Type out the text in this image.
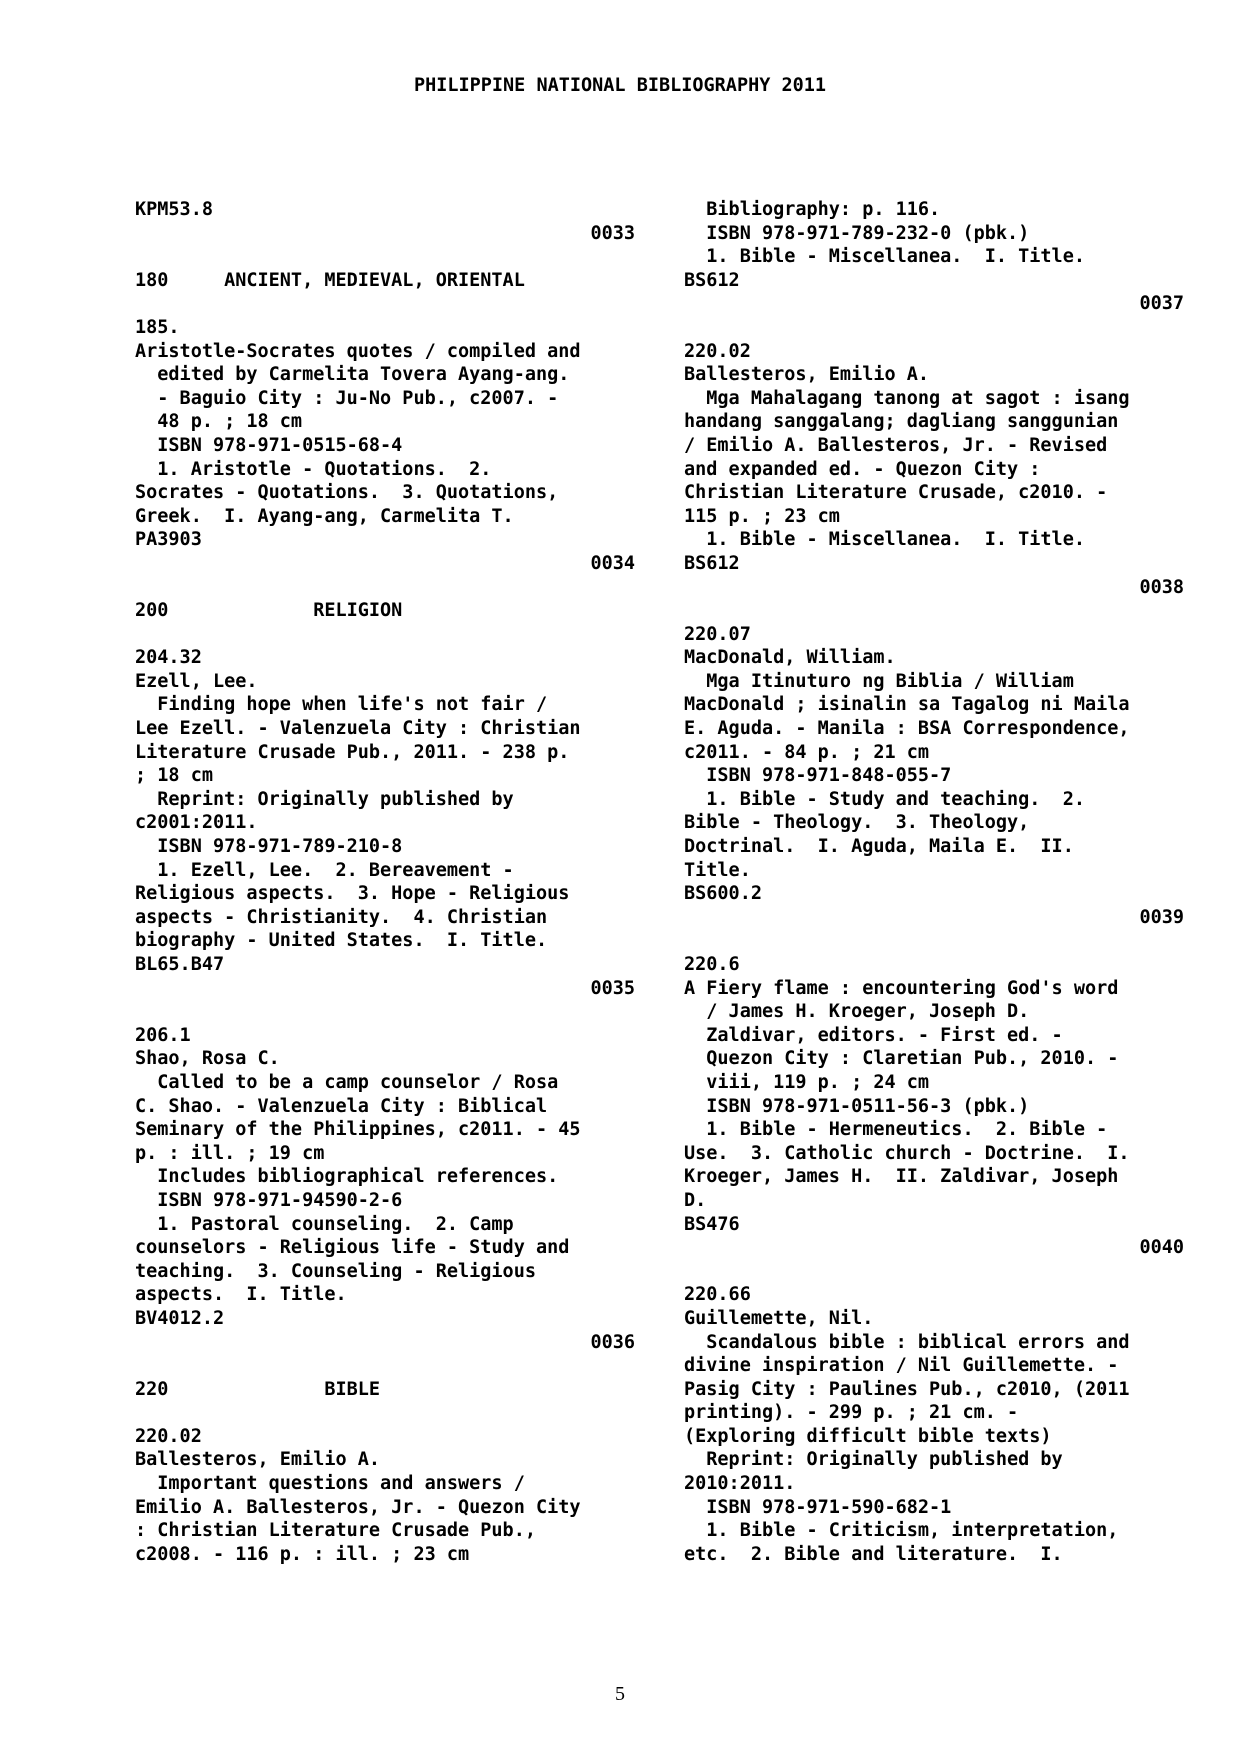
PHILIPPINE NATIONAL BIBLIOGRAPHY 2011
KPM53.8
0033
180     ANCIENT, MEDIEVAL, ORIENTAL
185.
Aristotle-Socrates quotes / compiled and
edited by Carmelita Tovera Ayang-ang.
- Baguio City : Ju-No Pub., c2007. -
48 p. ; 18 cm
ISBN 978-971-0515-68-4
1. Aristotle - Quotations.  2.
Socrates - Quotations.  3. Quotations,
Greek.  I. Ayang-ang, Carmelita T.
PA3903
0034
200             RELIGION
204.32
Ezell, Lee.
Finding hope when life's not fair /
Lee Ezell. - Valenzuela City : Christian
Literature Crusade Pub., 2011. - 238 p.
; 18 cm
Reprint: Originally published by
c2001:2011.
ISBN 978-971-789-210-8
1. Ezell, Lee.  2. Bereavement -
Religious aspects.  3. Hope - Religious
aspects - Christianity.  4. Christian
biography - United States.  I. Title.
BL65.B47
0035
206.1
Shao, Rosa C.
Called to be a camp counselor / Rosa
C. Shao. - Valenzuela City : Biblical
Seminary of the Philippines, c2011. - 45
p. : ill. ; 19 cm
Includes bibliographical references.
ISBN 978-971-94590-2-6
1. Pastoral counseling.  2. Camp
counselors - Religious life - Study and
teaching.  3. Counseling - Religious
aspects.  I. Title.
BV4012.2
0036
220              BIBLE
220.02
Ballesteros, Emilio A.
Important questions and answers /
Emilio A. Ballesteros, Jr. - Quezon City
: Christian Literature Crusade Pub.,
c2008. - 116 p. : ill. ; 23 cm
Bibliography: p. 116.
ISBN 978-971-789-232-0 (pbk.)
1. Bible - Miscellanea.  I. Title.
BS612
0037
220.02
Ballesteros, Emilio A.
Mga Mahalagang tanong at sagot : isang
handang sanggalang; dagliang sanggunian
/ Emilio A. Ballesteros, Jr. - Revised
and expanded ed. - Quezon City :
Christian Literature Crusade, c2010. -
115 p. ; 23 cm
1. Bible - Miscellanea.  I. Title.
BS612
0038
220.07
MacDonald, William.
Mga Itinuturo ng Biblia / William
MacDonald ; isinalin sa Tagalog ni Maila
E. Aguda. - Manila : BSA Correspondence,
c2011. - 84 p. ; 21 cm
ISBN 978-971-848-055-7
1. Bible - Study and teaching.  2.
Bible - Theology.  3. Theology,
Doctrinal.  I. Aguda, Maila E.  II.
Title.
BS600.2
0039
220.6
A Fiery flame : encountering God's word
/ James H. Kroeger, Joseph D.
Zaldivar, editors. - First ed. -
Quezon City : Claretian Pub., 2010. -
viii, 119 p. ; 24 cm
ISBN 978-971-0511-56-3 (pbk.)
1. Bible - Hermeneutics.  2. Bible -
Use.  3. Catholic church - Doctrine.  I.
Kroeger, James H.  II. Zaldivar, Joseph
D.
BS476
0040
220.66
Guillemette, Nil.
Scandalous bible : biblical errors and
divine inspiration / Nil Guillemette. -
Pasig City : Paulines Pub., c2010, (2011
printing). - 299 p. ; 21 cm. -
(Exploring difficult bible texts)
Reprint: Originally published by
2010:2011.
ISBN 978-971-590-682-1
1. Bible - Criticism, interpretation,
etc.  2. Bible and literature.  I.
5
